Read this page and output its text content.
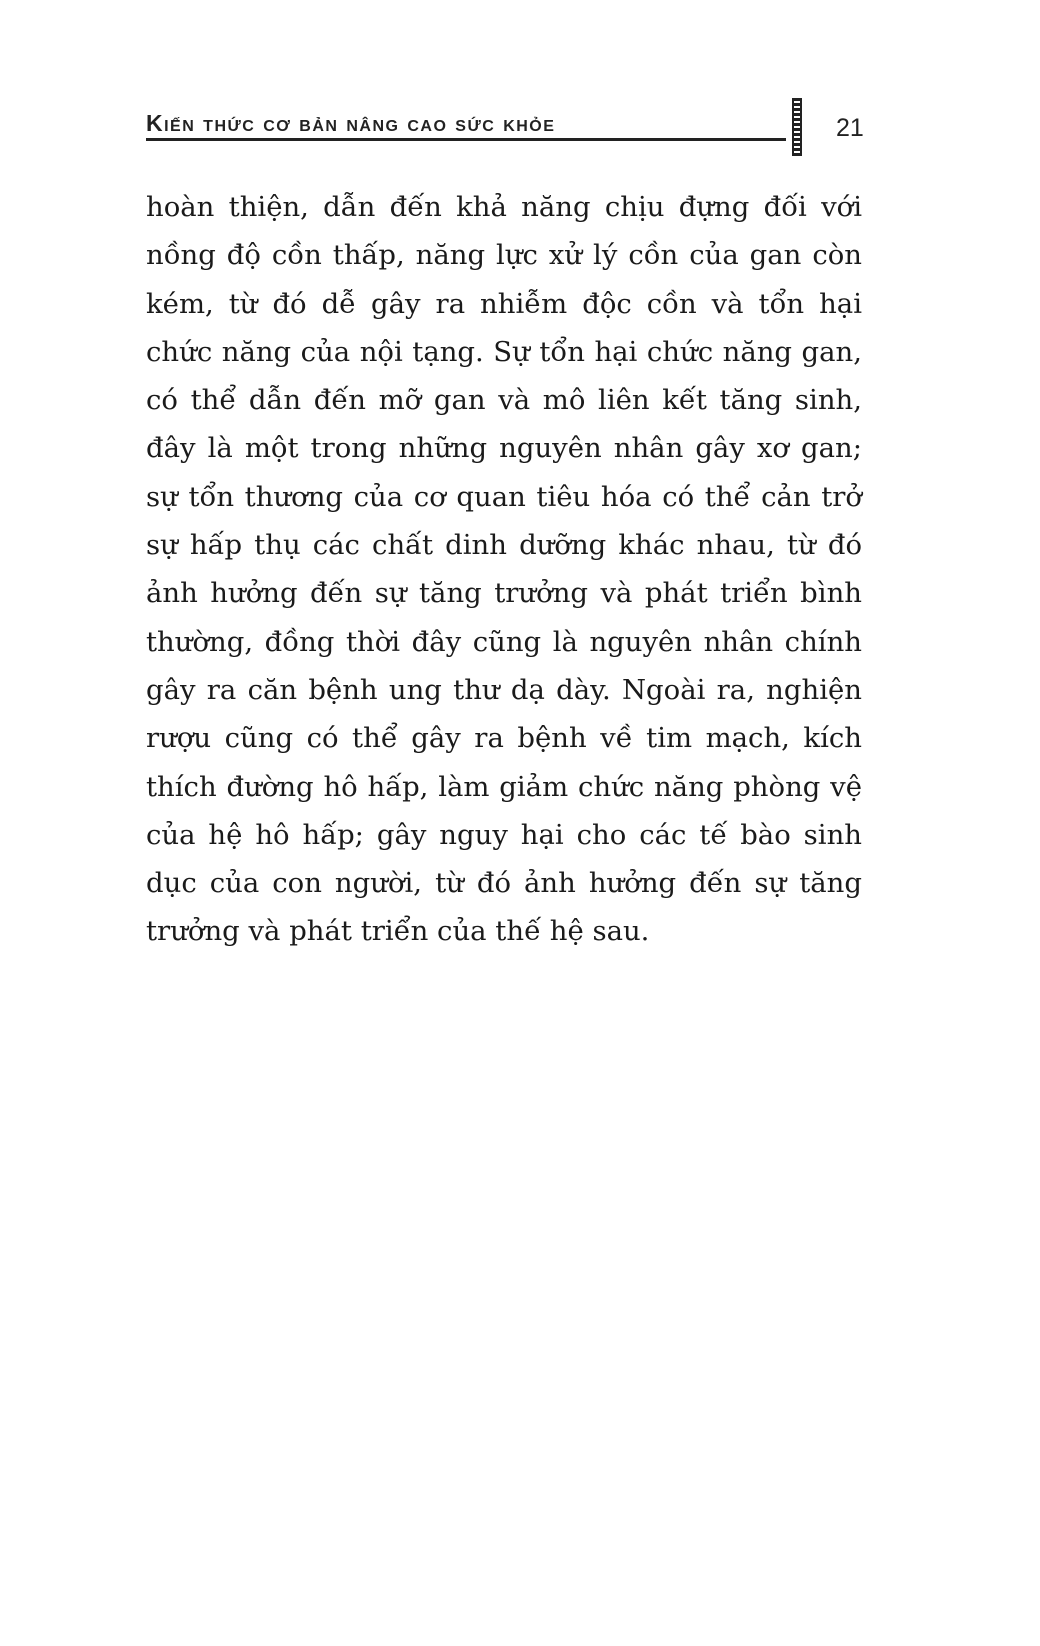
Kiến thức cơ bản nâng cao sức khỏe	21

hoàn thiện, dẫn đến khả năng chịu đựng đối với nồng độ cồn thấp, năng lực xử lý cồn của gan còn kém, từ đó dễ gây ra nhiễm độc cồn và tổn hại chức năng của nội tạng. Sự tổn hại chức năng gan, có thể dẫn đến mỡ gan và mô liên kết tăng sinh, đây là một trong những nguyên nhân gây xơ gan; sự tổn thương của cơ quan tiêu hóa có thể cản trở sự hấp thụ các chất dinh dưỡng khác nhau, từ đó ảnh hưởng đến sự tăng trưởng và phát triển bình thường, đồng thời đây cũng là nguyên nhân chính gây ra căn bệnh ung thư dạ dày. Ngoài ra, nghiện rượu cũng có thể gây ra bệnh về tim mạch, kích thích đường hô hấp, làm giảm chức năng phòng vệ của hệ hô hấp; gây nguy hại cho các tế bào sinh dục của con người, từ đó ảnh hưởng đến sự tăng trưởng và phát triển của thế hệ sau.
